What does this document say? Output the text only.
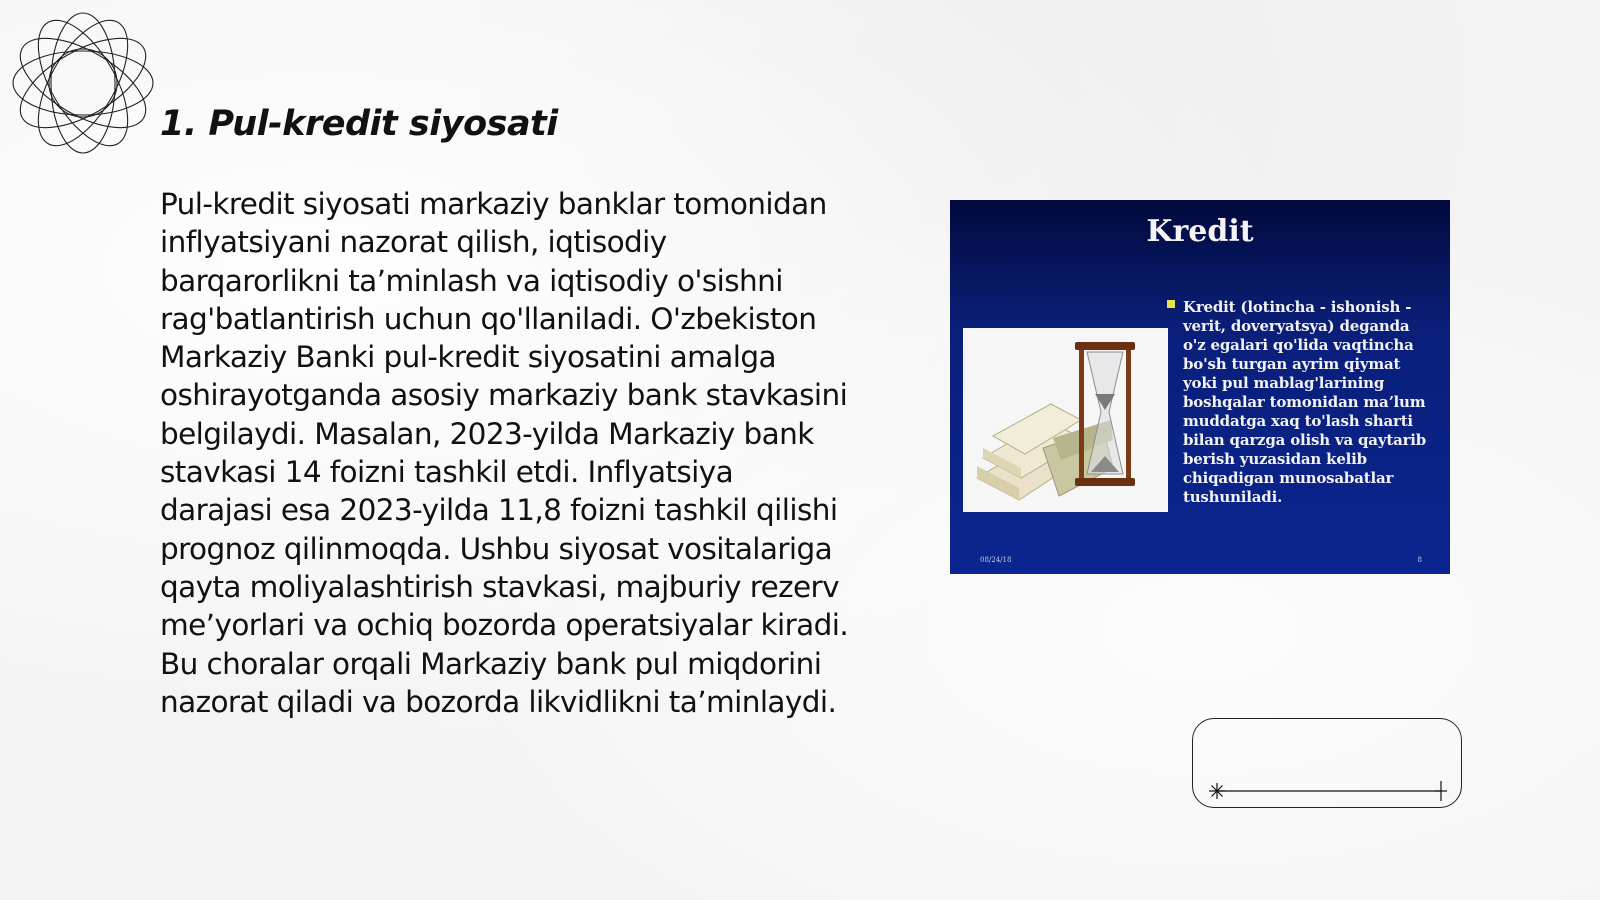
1. Pul-kredit siyosati

Pul-kredit siyosati markaziy banklar tomonidan inflyatsiyani nazorat qilish, iqtisodiy barqarorlikni taʼminlash va iqtisodiy o'sishni rag'batlantirish uchun qo'llaniladi. O'zbekiston Markaziy Banki pul-kredit siyosatini amalga oshirayotganda asosiy markaziy bank stavkasini belgilaydi. Masalan, 2023-yilda Markaziy bank stavkasi 14 foizni tashkil etdi. Inflyatsiya darajasi esa 2023-yilda 11,8 foizni tashkil qilishi prognoz qilinmoqda. Ushbu siyosat vositalariga qayta moliyalashtirish stavkasi, majburiy rezerv meʼyorlari va ochiq bozorda operatsiyalar kiradi. Bu choralar orqali Markaziy bank pul miqdorini nazorat qiladi va bozorda likvidlikni taʼminlaydi.

Kredit
Kredit (lotincha - ishonish - verit, doveryatsya) deganda o'z egalari qo'lida vaqtincha bo'sh turgan ayrim qiymat yoki pul mablag'larining boshqalar tomonidan maʼlum muddatga xaq to'lash sharti bilan qarzga olish va qaytarib berish yuzasidan kelib chiqadigan munosabatlar tushuniladi.
08/24/18	8
